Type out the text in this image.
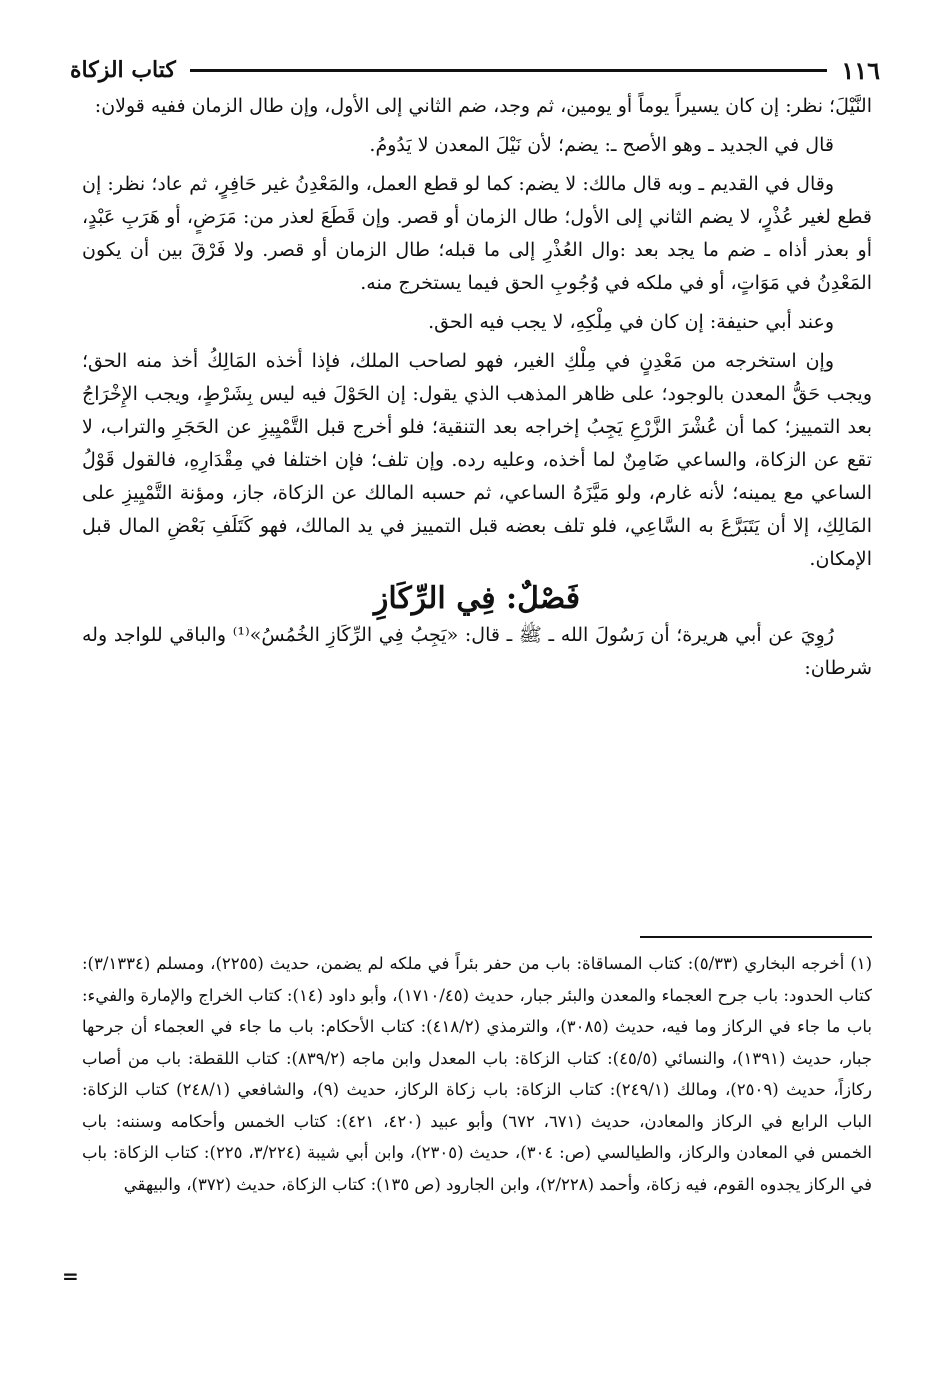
١١٦
كتاب الزكاة

النَّيْلَ؛ نظر: إن كان يسيراً يوماً أو يومين، ثم وجد، ضم الثاني إلى الأول، وإن طال الزمان ففيه قولان:

قال في الجديد ـ وهو الأصح ـ: يضم؛ لأن نَيْلَ المعدن لا يَدُومُ.

وقال في القديم ـ وبه قال مالك: لا يضم: كما لو قطع العمل، والمَعْدِنُ غير حَافِرٍ، ثم عاد؛ نظر: إن قطع لغير عُذْرٍ، لا يضم الثاني إلى الأول؛ طال الزمان أو قصر. وإن قَطَعَ لعذر من: مَرَضٍ، أو هَرَبِ عَبْدٍ، أو بعذر أذاه ـ ضم ما يجد بعد :وال العُذْرِ إلى ما قبله؛ طال الزمان أو قصر. ولا فَرْقَ بين أن يكون المَعْدِنُ في مَوَاتٍ، أو في ملكه في وُجُوبِ الحق فيما يستخرج منه.

وعند أبي حنيفة: إن كان في مِلْكِهِ، لا يجب فيه الحق.

وإن استخرجه من مَعْدِنٍ في مِلْكِ الغير، فهو لصاحب الملك، فإذا أخذه المَالِكُ أخذ منه الحق؛ ويجب حَقُّ المعدن بالوجود؛ على ظاهر المذهب الذي يقول: إن الحَوْلَ فيه ليس بِشَرْطٍ، ويجب الإِخْرَاجُ بعد التمييز؛ كما أن عُشْرَ الزَّرْعِ يَجِبُ إخراجه بعد التنقية؛ فلو أخرج قبل التَّمْيِيزِ عن الحَجَرِ والتراب، لا تقع عن الزكاة، والساعي ضَامِنٌ لما أخذه، وعليه رده. وإن تلف؛ فإن اختلفا في مِقْدَارِهِ، فالقول قَوْلُ الساعي مع يمينه؛ لأنه غارم، ولو مَيَّزَهُ الساعي، ثم حسبه المالك عن الزكاة، جاز، ومؤنة التَّمْيِيزِ على المَالِكِ، إلا أن يَتَبَرَّعَ به السَّاعِي، فلو تلف بعضه قبل التمييز في يد المالك، فهو كَتَلَفِ بَعْضِ المال قبل الإمكان.

فَصْلٌ: فِي الرِّكَازِ

رُوِيَ عن أبي هريرة؛ أن رَسُولَ الله ـ ﷺ ـ قال: «يَجِبُ فِي الرِّكَازِ الخُمُسُ»⁽¹⁾ والباقي للواجد وله شرطان:

(١) أخرجه البخاري (٥/٣٣): كتاب المساقاة: باب من حفر بئراً في ملكه لم يضمن، حديث (٢٢٥٥)، ومسلم (٣/١٣٣٤): كتاب الحدود: باب جرح العجماء والمعدن والبئر جبار، حديث (١٧١٠/٤٥)، وأبو داود (١٤): كتاب الخراج والإمارة والفيء: باب ما جاء في الركاز وما فيه، حديث (٣٠٨٥)، والترمذي (٤١٨/٢): كتاب الأحكام: باب ما جاء في العجماء أن جرحها جبار، حديث (١٣٩١)، والنسائي (٤٥/٥): كتاب الزكاة: باب المعدل وابن ماجه (٨٣٩/٢): كتاب اللقطة: باب من أصاب ركازاً، حديث (٢٥٠٩)، ومالك (٢٤٩/١): كتاب الزكاة: باب زكاة الركاز، حديث (٩)، والشافعي (٢٤٨/١) كتاب الزكاة: الباب الرابع في الركاز والمعادن، حديث (٦٧١، ٦٧٢) وأبو عبيد (٤٢٠، ٤٢١): كتاب الخمس وأحكامه وسننه: باب الخمس في المعادن والركاز، والطيالسي (ص: ٣٠٤)، حديث (٢٣٠٥)، وابن أبي شيبة (٣/٢٢٤، ٢٢٥): كتاب الزكاة: باب في الركاز يجدوه القوم، فيه زكاة، وأحمد (٢/٢٢٨)، وابن الجارود (ص ١٣٥): كتاب الزكاة، حديث (٣٧٢)، والبيهقي

=
